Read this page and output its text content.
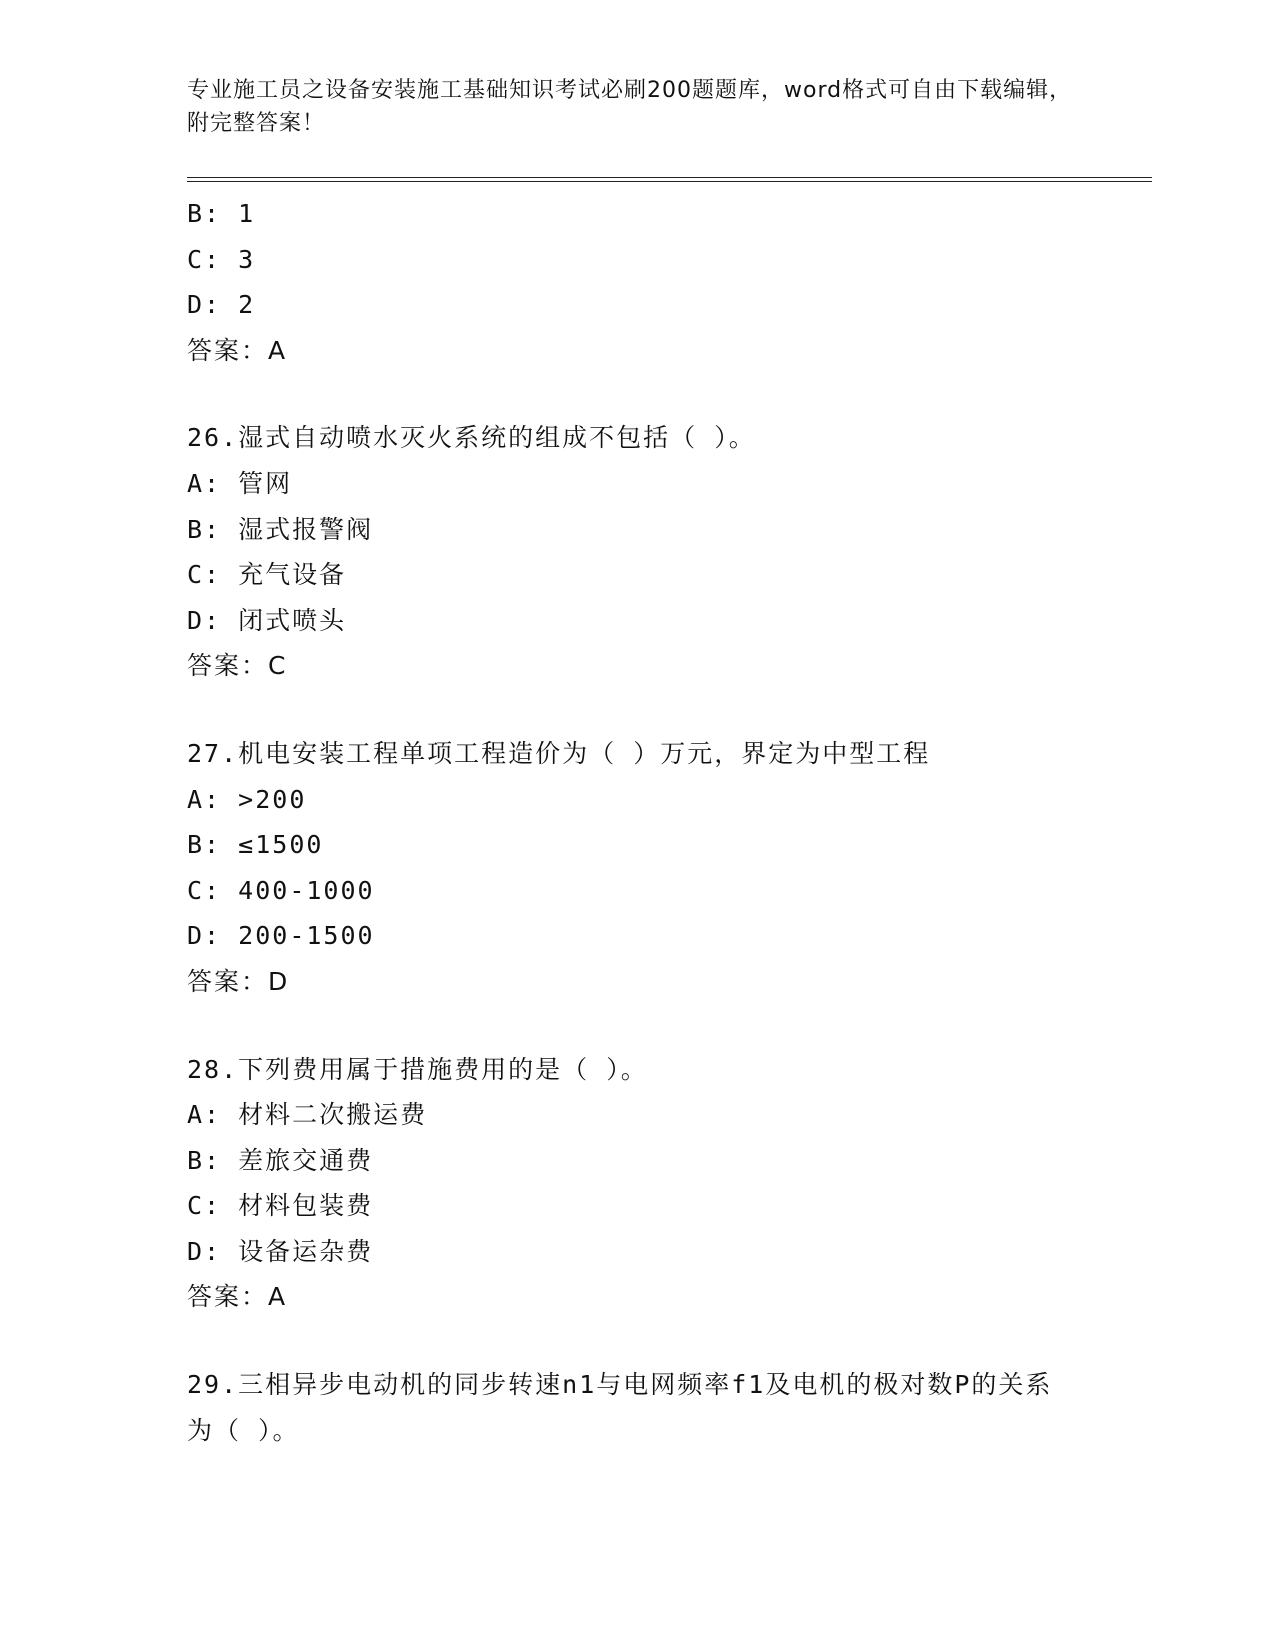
专业施工员之设备安装施工基础知识考试必刷200题题库，word格式可自由下载编辑，附完整答案！
B: 1
C: 3
D: 2
答案：A
26.湿式自动喷水灭火系统的组成不包括（ ）。
A: 管网
B: 湿式报警阀
C: 充气设备
D: 闭式喷头
答案：C
27.机电安装工程单项工程造价为（ ）万元，界定为中型工程
A: >200
B: ≤1500
C: 400-1000
D: 200-1500
答案：D
28.下列费用属于措施费用的是（ ）。
A: 材料二次搬运费
B: 差旅交通费
C: 材料包装费
D: 设备运杂费
答案：A
29.三相异步电动机的同步转速n1与电网频率f1及电机的极对数P的关系为（ ）。
